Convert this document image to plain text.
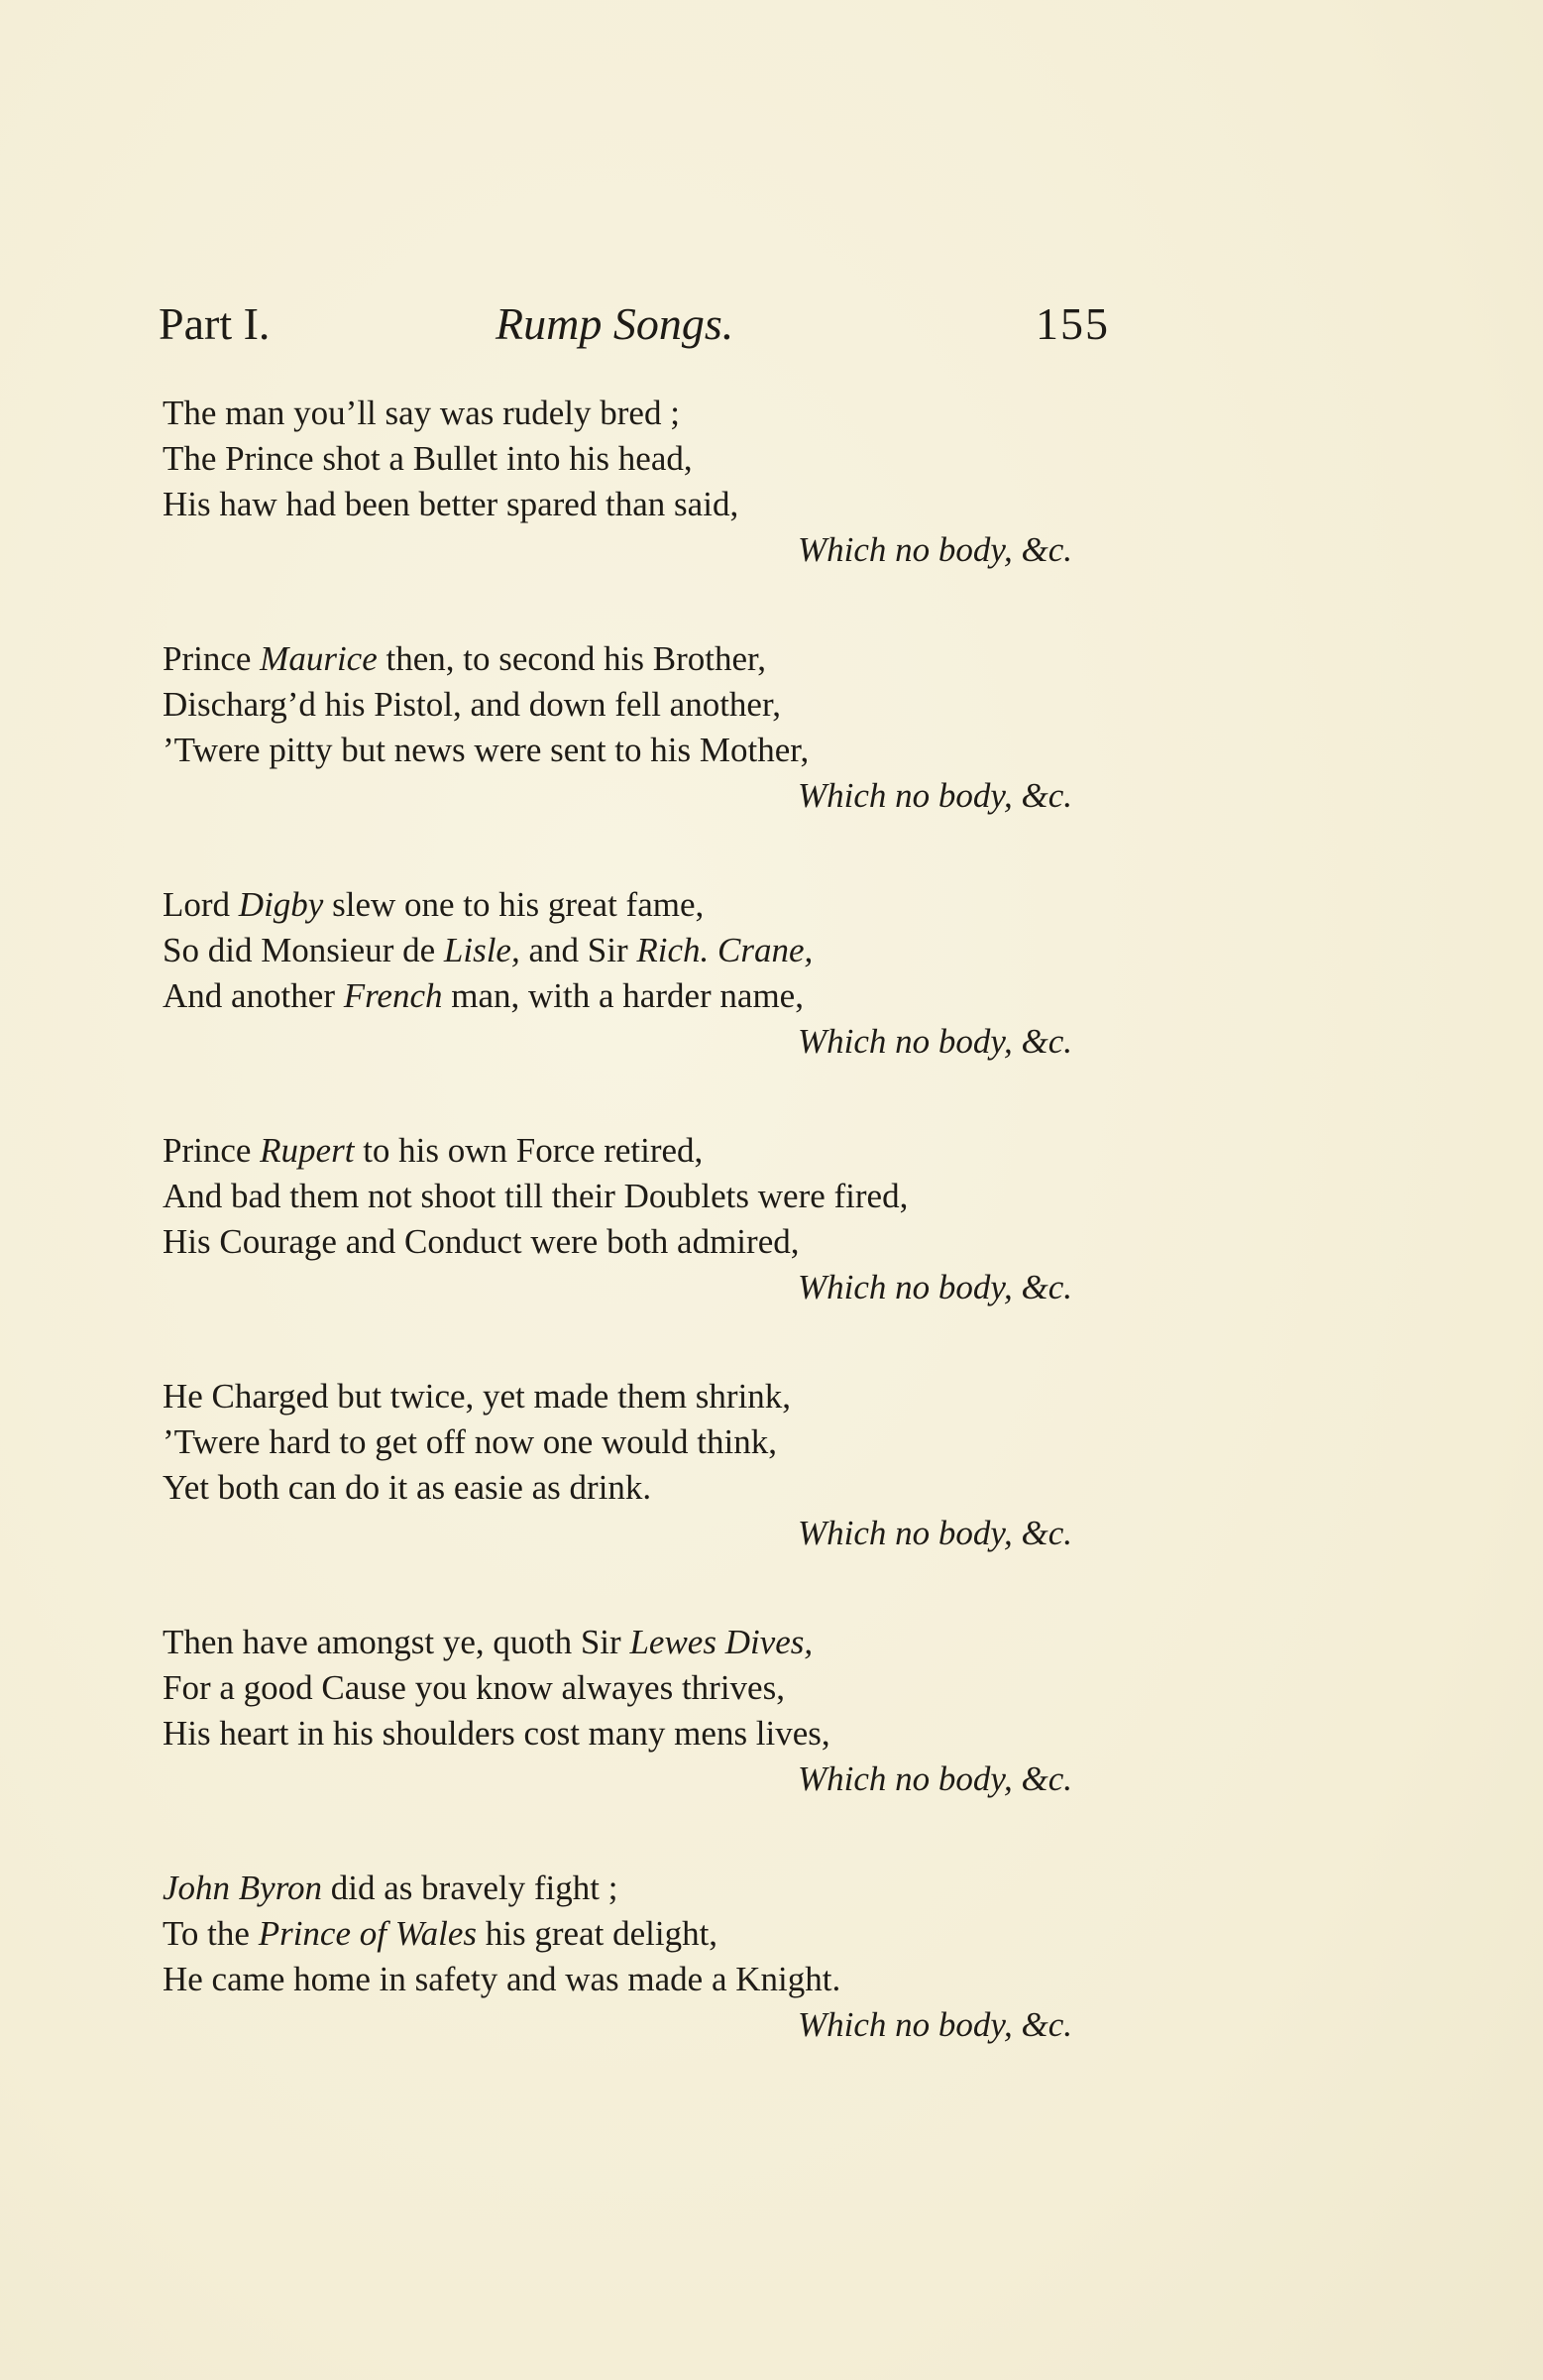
Part I.	Rump Songs.	155
The man you’ll say was rudely bred ;
The Prince shot a Bullet into his head,
His haw had been better spared than said,
Which no body, &c.
Prince Maurice then, to second his Brother,
Discharg’d his Pistol, and down fell another,
’Twere pitty but news were sent to his Mother,
Which no body, &c.
Lord Digby slew one to his great fame,
So did Monsieur de Lisle, and Sir Rich. Crane,
And another French man, with a harder name,
Which no body, &c.
Prince Rupert to his own Force retired,
And bad them not shoot till their Doublets were fired,
His Courage and Conduct were both admired,
Which no body, &c.
He Charged but twice, yet made them shrink,
’Twere hard to get off now one would think,
Yet both can do it as easie as drink.
Which no body, &c.
Then have amongst ye, quoth Sir Lewes Dives,
For a good Cause you know alwayes thrives,
His heart in his shoulders cost many mens lives,
Which no body, &c.
John Byron did as bravely fight ;
To the Prince of Wales his great delight,
He came home in safety and was made a Knight.
Which no body, &c.
